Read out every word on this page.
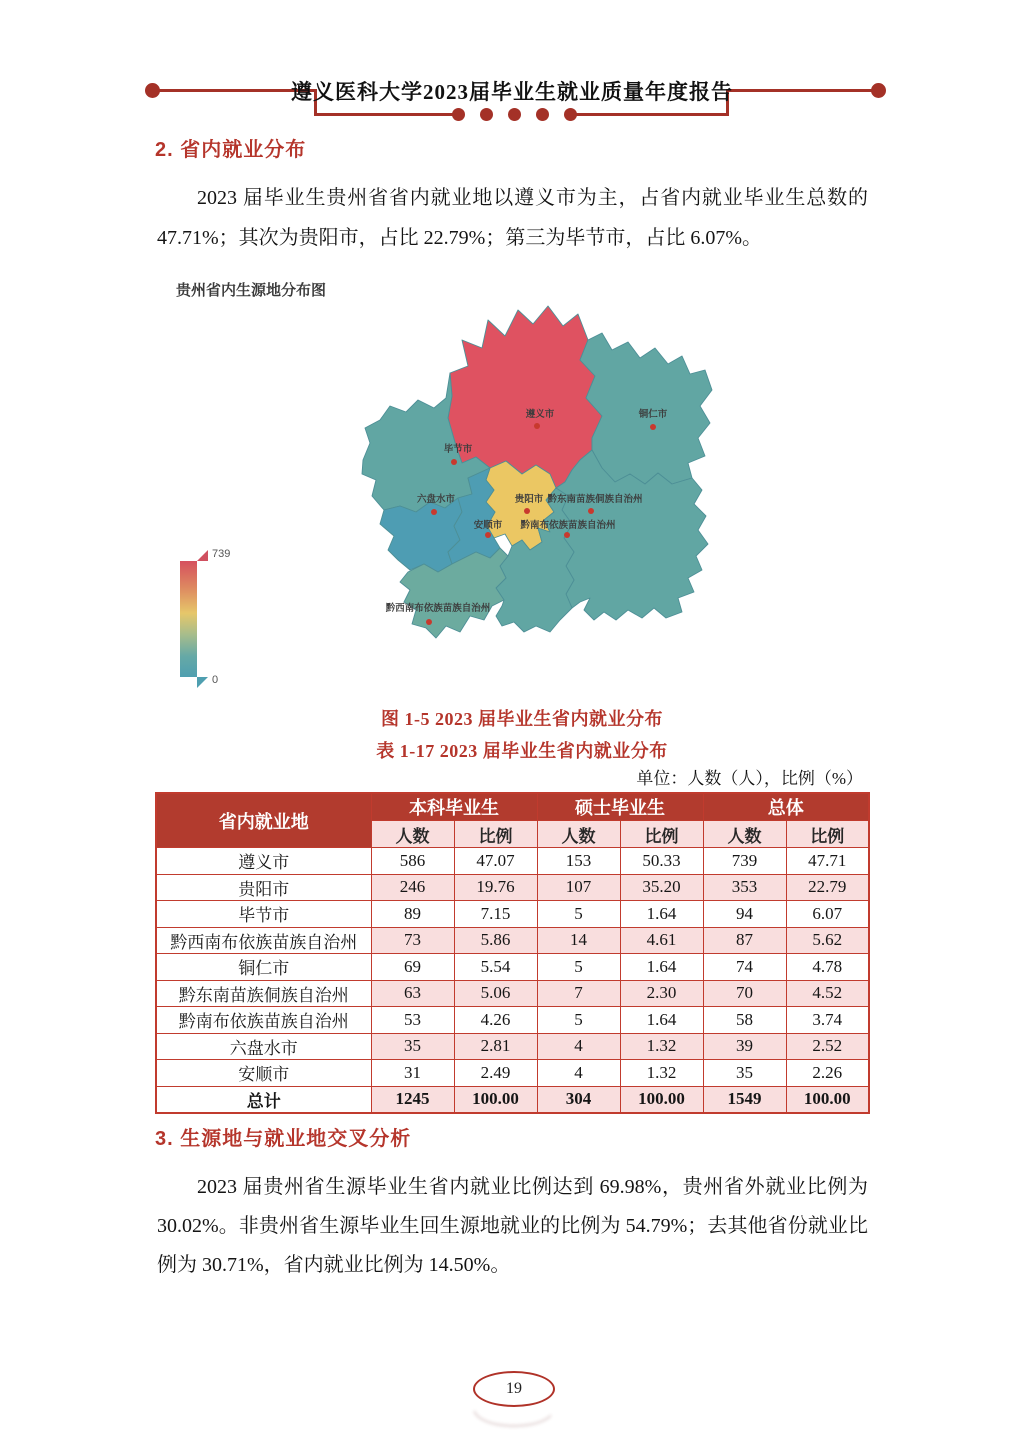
遵义医科大学2023届毕业生就业质量年度报告
2. 省内就业分布
2023 届毕业生贵州省省内就业地以遵义市为主，占省内就业毕业生总数的47.71%；其次为贵阳市，占比 22.79%；第三为毕节市，占比 6.07%。
贵州省内生源地分布图
遵义市	铜仁市
毕节市
六盘水市	贵阳市 黔东南苗族侗族自治州
安顺市 黔南布依族苗族自治州
黔西南布依族苗族自治州
739
0
图 1-5 2023 届毕业生省内就业分布
表 1-17 2023 届毕业生省内就业分布
单位：人数（人），比例（%）
省内就业地	本科毕业生		硕士毕业生		总体	
	人数	比例	人数	比例	人数	比例
遵义市	586	47.07	153	50.33	739	47.71
贵阳市	246	19.76	107	35.20	353	22.79
毕节市	89	7.15	5	1.64	94	6.07
黔西南布依族苗族自治州	73	5.86	14	4.61	87	5.62
铜仁市	69	5.54	5	1.64	74	4.78
黔东南苗族侗族自治州	63	5.06	7	2.30	70	4.52
黔南布依族苗族自治州	53	4.26	5	1.64	58	3.74
六盘水市	35	2.81	4	1.32	39	2.52
安顺市	31	2.49	4	1.32	35	2.26
总计	1245	100.00	304	100.00	1549	100.00
3. 生源地与就业地交叉分析
2023 届贵州省生源毕业生省内就业比例达到 69.98%，贵州省外就业比例为 30.02%。非贵州省生源毕业生回生源地就业的比例为 54.79%；去其他省份就业比例为 30.71%，省内就业比例为 14.50%。
19
